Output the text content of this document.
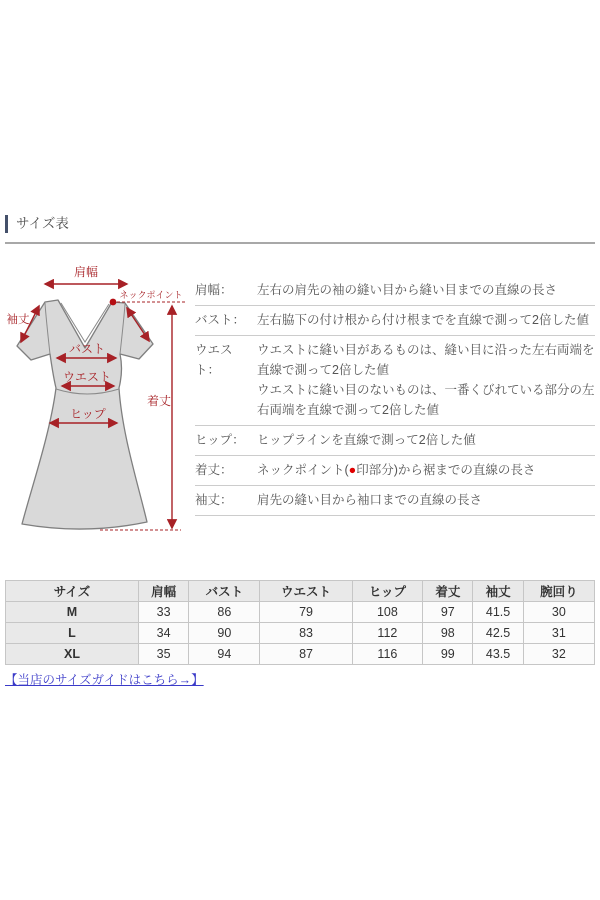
サイズ表
肩幅
ネックポイント
袖丈
バスト
ウエスト
ヒップ
着丈
肩幅：	左右の肩先の袖の縫い目から縫い目までの直線の長さ
バスト： 左右脇下の付け根から付け根までを直線で測って2倍した値
ウエスト：
ウエストに縫い目があるものは、縫い目に沿った左右両端を直線で測って2倍した値
ウエストに縫い目のないものは、一番くびれている部分の左右両端を直線で測って2倍した値
ヒップ： ヒップラインを直線で測って2倍した値
着丈：	ネックポイント(●印部分)から裾までの直線の長さ
袖丈：	肩先の縫い目から袖口までの直線の長さ
サイズ	肩幅	バスト	ウエスト	ヒップ	着丈	袖丈	腕回り
M	33	86	79	108	97	41.5	30
L	34	90	83	112	98	42.5	31
XL	35	94	87	116	99	43.5	32
【当店のサイズガイドはこちら→】
